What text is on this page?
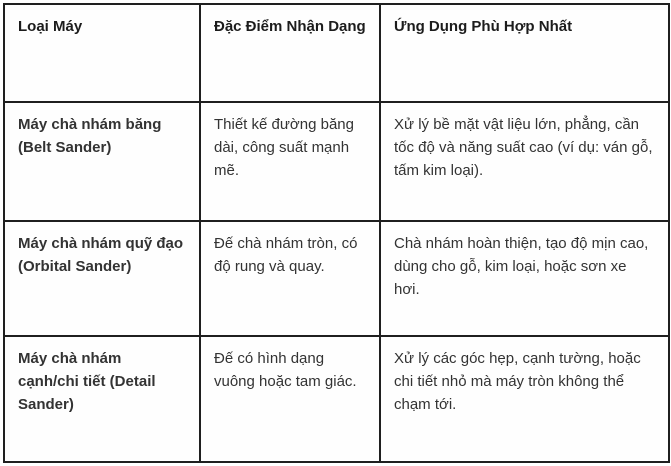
Loại Máy	Đặc Điểm Nhận Dạng	Ứng Dụng Phù Hợp Nhất
Máy chà nhám băng (Belt Sander)	Thiết kế đường băng dài, công suất mạnh mẽ.	Xử lý bề mặt vật liệu lớn, phẳng, cần tốc độ và năng suất cao (ví dụ: ván gỗ, tấm kim loại).
Máy chà nhám quỹ đạo (Orbital Sander)	Đế chà nhám tròn, có độ rung và quay.	Chà nhám hoàn thiện, tạo độ mịn cao, dùng cho gỗ, kim loại, hoặc sơn xe hơi.
Máy chà nhám cạnh/chi tiết (Detail Sander)	Đế có hình dạng vuông hoặc tam giác.	Xử lý các góc hẹp, cạnh tường, hoặc chi tiết nhỏ mà máy tròn không thể chạm tới.
